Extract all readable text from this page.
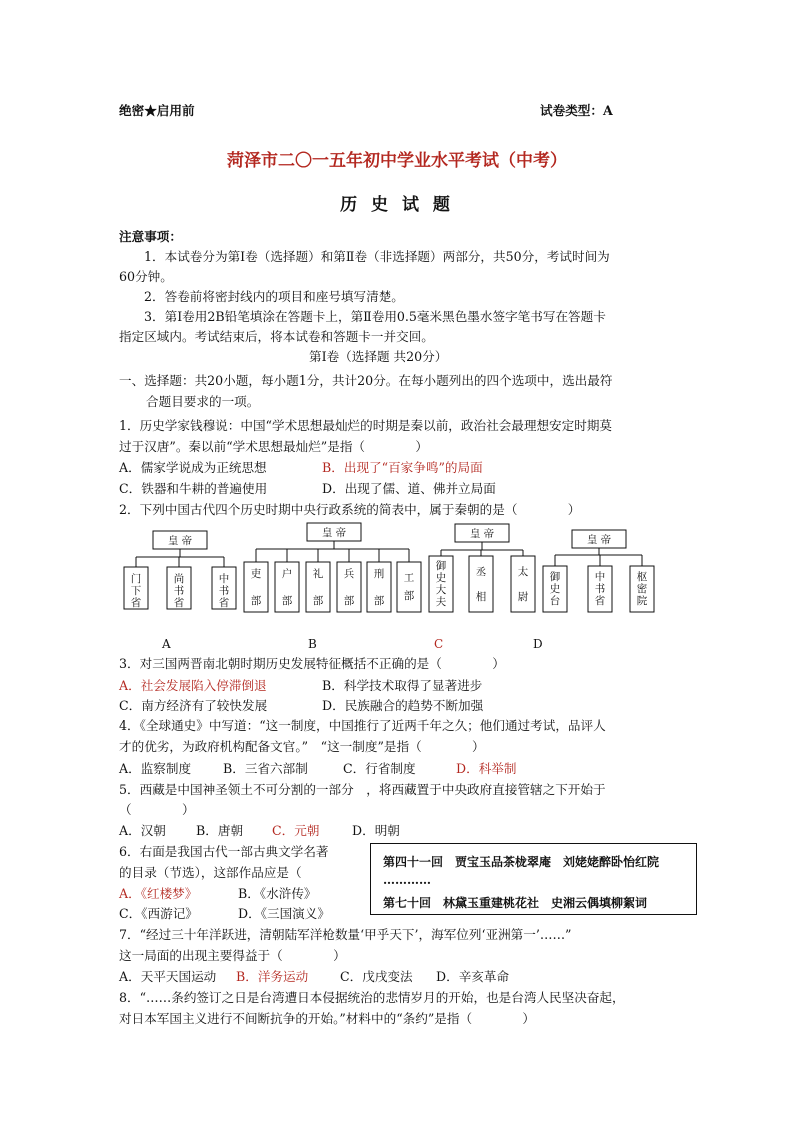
绝密★启用前	试卷类型：A
菏泽市二〇一五年初中学业水平考试（中考）
历 史 试 题
注意事项：
1．本试卷分为第Ⅰ卷（选择题）和第Ⅱ卷（非选择题）两部分，共50分，考试时间为
60分钟。
2．答卷前将密封线内的项目和座号填写清楚。
3．第Ⅰ卷用2B铅笔填涂在答题卡上，第Ⅱ卷用0.5毫米黑色墨水签字笔书写在答题卡
指定区域内。考试结束后，将本试卷和答题卡一并交回。
第Ⅰ卷（选择题 共20分）
一、选择题：共20小题，每小题1分，共计20分。在每小题列出的四个选项中，选出最符
合题目要求的一项。
1．历史学家钱穆说：中国“学术思想最灿烂的时期是秦以前，政治社会最理想安定时期莫
过于汉唐”。秦以前“学术思想最灿烂”是指（　　　　）
A．儒家学说成为正统思想	B．出现了“百家争鸣”的局面
C．铁器和牛耕的普遍使用	D．出现了儒、道、佛并立局面
2．下列中国古代四个历史时期中央行政系统的简表中，属于秦朝的是（　　　　）
皇 帝
门
下
省
尚
书
省
中
书
省
皇 帝
吏
部
户
部
礼
部
兵
部
刑
部
工
部
皇 帝
御
史
大
夫
丞
相
太
尉
皇 帝
御
史
台
中
书
省
枢
密
院
A	B	C	D
3．对三国两晋南北朝时期历史发展特征概括不正确的是（　　　　）
A．社会发展陷入停滞倒退	B．科学技术取得了显著进步
C．南方经济有了较快发展	D．民族融合的趋势不断加强
4．《全球通史》中写道：“这一制度，中国推行了近两千年之久；他们通过考试，品评人
才的优劣，为政府机构配备文官。”　“这一制度”是指（　　　　）
A．监察制度	B．三省六部制	C．行省制度	D．科举制
5．西藏是中国神圣领土不可分割的一部分　，将西藏置于中央政府直接管辖之下开始于
（　　　　）
A．汉朝 B．唐朝 C．元朝	D．明朝
6．右面是我国古代一部古典文学名著
的目录（节选），这部作品应是（
A．《红楼梦》	B．《水浒传》
C．《西游记》	D．《三国演义》
第四十一回　贾宝玉品茶栊翠庵　刘姥姥醉卧怡红院
…………
第七十回　林黛玉重建桃花社　史湘云偶填柳絮词
7．“经过三十年洋跃进，清朝陆军洋枪数量‘甲乎天下’，海军位列‘亚洲第一’……”
这一局面的出现主要得益于（　　　　）
A．天平天国运动 B．洋务运动	C．戊戌变法 D．辛亥革命
8．“……条约签订之日是台湾遭日本侵据统治的悲情岁月的开始，也是台湾人民坚决奋起，
对日本军国主义进行不间断抗争的开始。”材料中的“条约”是指（　　　　）
